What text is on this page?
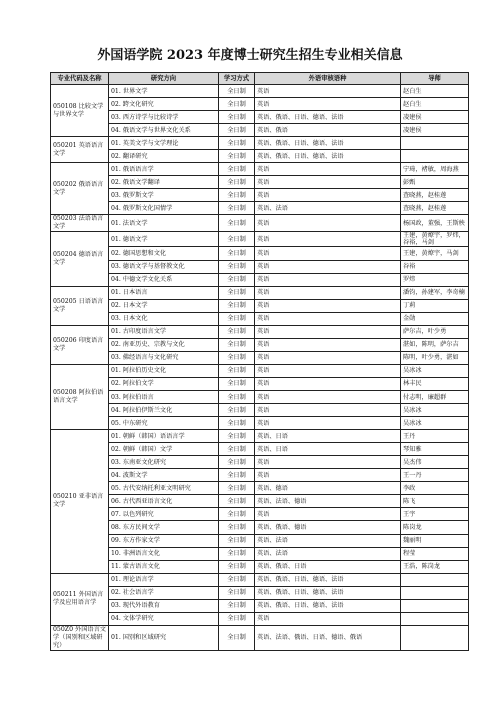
外国语学院 2023 年度博士研究生招生专业相关信息
专业代码及名称	研究方向	学习方式	外语审核语种	导师
050108 比较文学与世界文学	01. 世界文学	全日制	英语	赵白生
	02. 跨文化研究	全日制	英语	赵白生
	03. 西方诗学与比较诗学	全日制	英语、俄语、日语、德语、法语	凌建侯
	04. 俄语文学与世界文化关系	全日制	英语、俄语	凌建侯
050201 英语语言文学	01. 英美文学与文学理论	全日制	英语、俄语、日语、德语、法语	
	02. 翻译研究	全日制	英语、俄语、日语、德语、法语	
050202 俄语语言文学	01. 俄语语言学	全日制	英语	宁琦，褚敏，周海燕
	02. 俄语文学翻译	全日制	英语	彭甄
	03. 俄罗斯文学	全日制	英语	查晓燕，赵桂莲
	04. 俄罗斯文化国情学	全日制	英语、法语	查晓燕，赵桂莲
050203 法语语言文学	01. 法语文学	全日制	英语	杨国政，董强，王斯秧
050204 德语语言文学	01. 德语文学	全日制	英语	王建，黄燎宇，罗炜，谷裕，马剑
	02. 德国思想和文化	全日制	英语	王建，黄燎宇，马剑
	03. 德语文学与基督教文化	全日制	英语	谷裕
	04. 中德文学文化关系	全日制	英语	罗炜
050205 日语语言文学	01. 日本语言	全日制	英语	潘钧，孙建军，李奇楠
	02. 日本文学	全日制	英语	丁莉
	03. 日本文化	全日制	英语	金勋
050206 印度语言文学	01. 古印度语言文学	全日制	英语	萨尔吉，叶少勇
	02. 南亚历史、宗教与文化	全日制	英语	湛如，陈明，萨尔吉
	03. 佛经语言与文化研究	全日制	英语	陈明，叶少勇，湛如
050208 阿拉伯语语言文学	01. 阿拉伯历史文化	全日制	英语	吴冰冰
	02. 阿拉伯文学	全日制	英语	林丰民
	03. 阿拉伯语言	全日制	英语	付志明，廉超群
	04. 阿拉伯伊斯兰文化	全日制	英语	吴冰冰
	05. 中东研究	全日制	英语	吴冰冰
050210 亚非语言文学	01. 朝鲜（韩国）语语言学	全日制	英语、日语	王丹
	02. 朝鲜（韩国）文学	全日制	英语、日语	琴知雅
	03. 东南亚文化研究	全日制	英语	吴杰伟
	04. 波斯文学	全日制	英语	王一丹
	05. 古代安纳托利亚文明研究	全日制	英语、德语	李政
	06. 古代西亚语言文化	全日制	英语、法语、德语	陈飞
	07. 以色列研究	全日制	英语	王宇
	08. 东方民间文学	全日制	英语、俄语、德语	陈岗龙
	09. 东方作家文学	全日制	英语、法语	魏丽明
	10. 非洲语言文化	全日制	英语、法语	程莹
	11. 蒙古语言文化	全日制	英语、俄语、日语	王浩，陈岗龙
050211 外国语言学及应用语言学	01. 理论语言学	全日制	英语、俄语、日语、德语、法语	
	02. 社会语言学	全日制	英语、俄语、日语、德语、法语	
	03. 现代外语教育	全日制	英语、俄语、日语、德语、法语	
	04. 文体学研究	全日制	英语	
050Z0 外国语言文学（国别和区域研究）	01. 国别和区域研究	全日制	英语、法语、俄语、日语、德语、俄语	
